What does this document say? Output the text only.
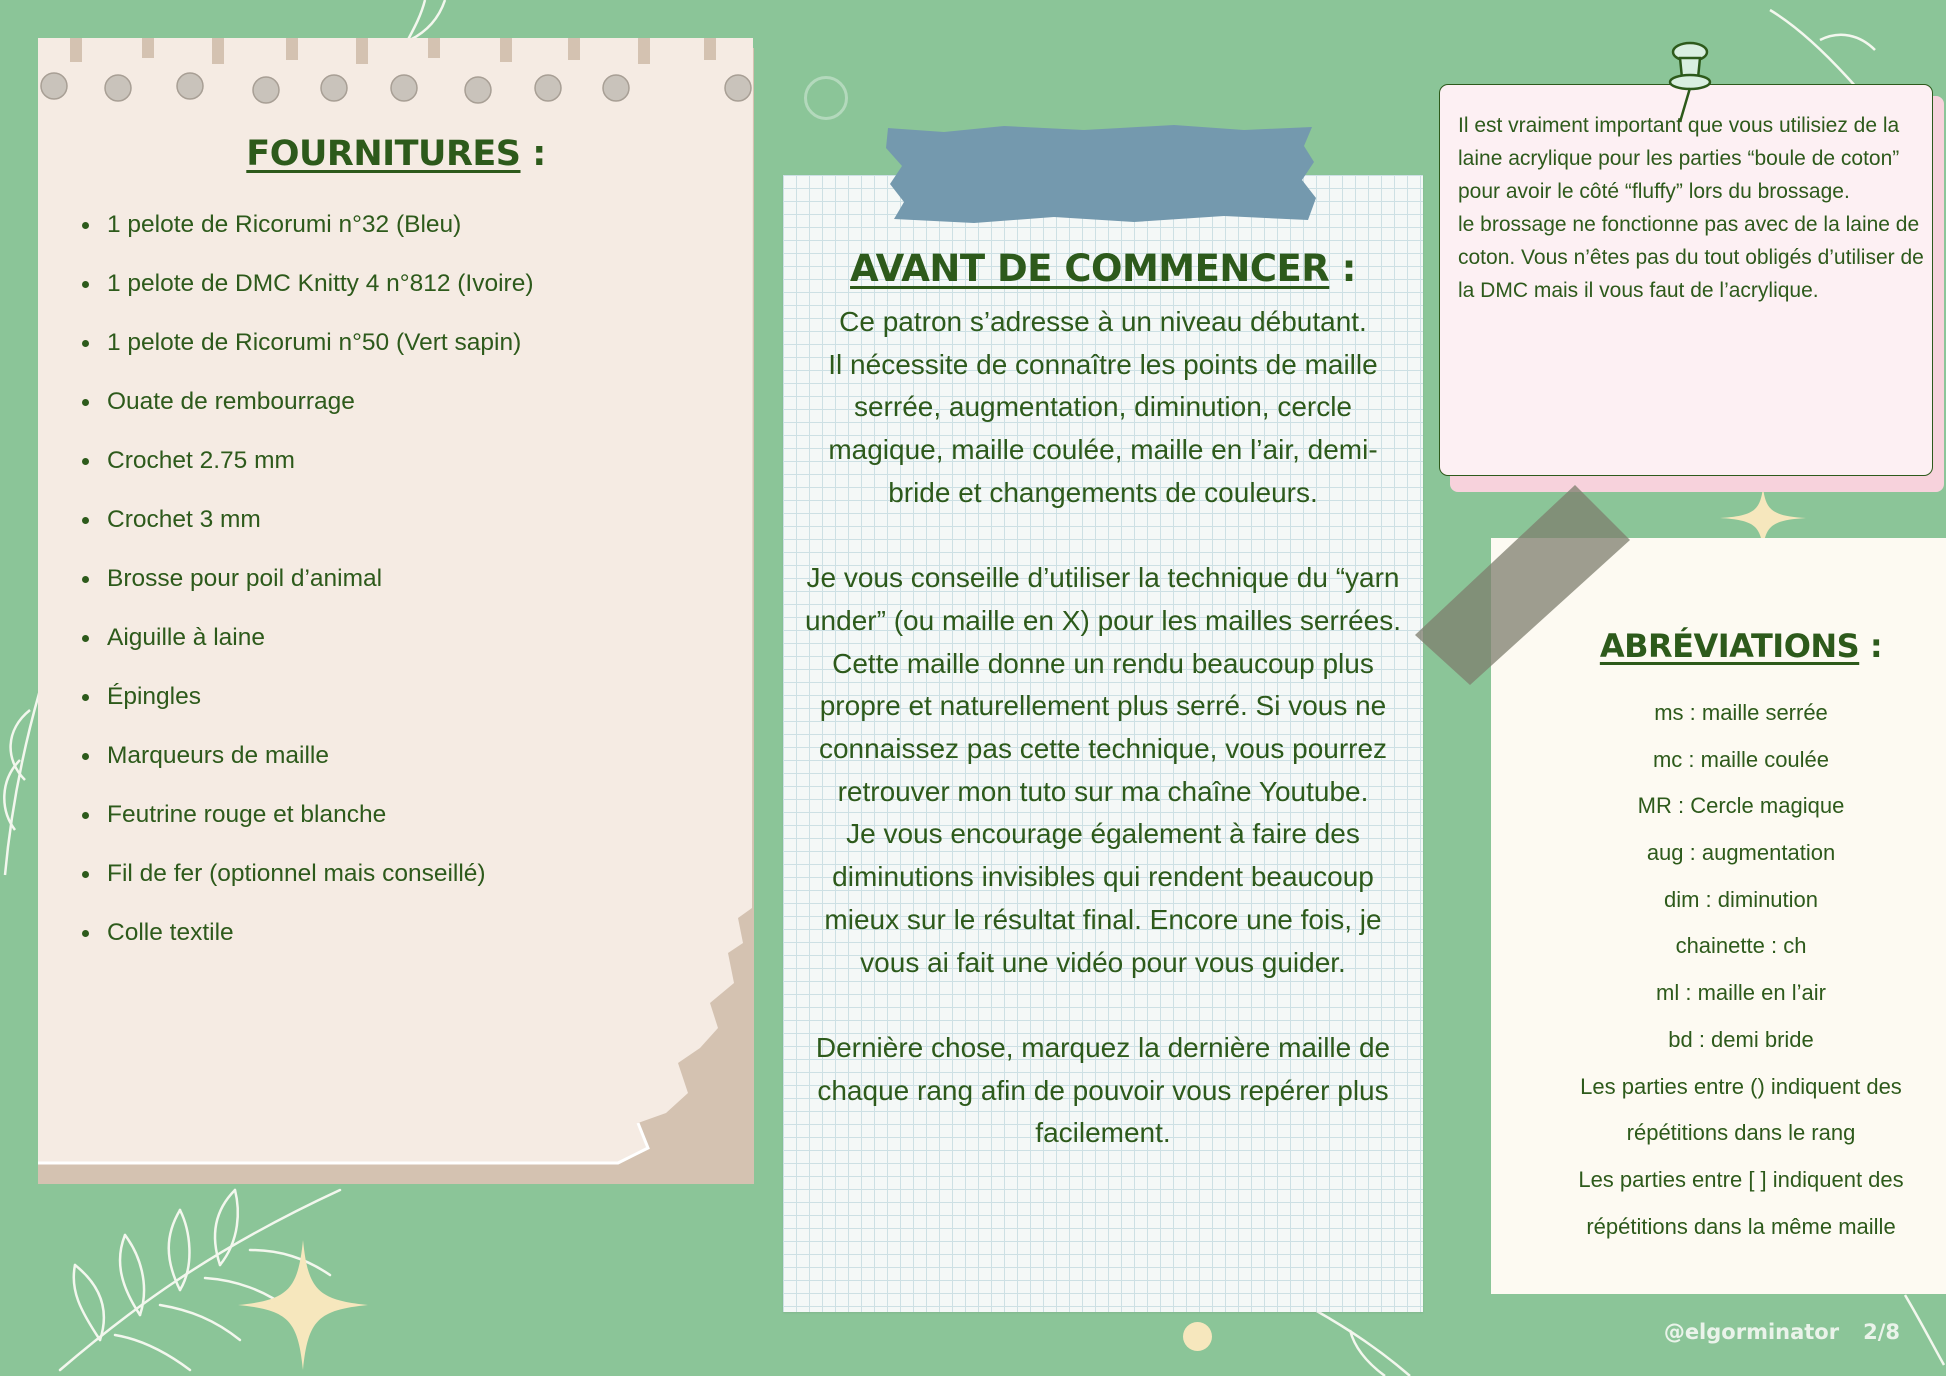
FOURNITURES :
1 pelote de Ricorumi n°32 (Bleu)
1 pelote de DMC Knitty 4 n°812 (Ivoire)
1 pelote de Ricorumi n°50 (Vert sapin)
Ouate de rembourrage
Crochet 2.75 mm
Crochet 3 mm
Brosse pour poil d’animal
Aiguille à laine
Épingles
Marqueurs de maille
Feutrine rouge et blanche
Fil de fer (optionnel mais conseillé)
Colle textile
AVANT DE COMMENCER :

Ce patron s’adresse à un niveau débutant.
Il nécessite de connaître les points de maille serrée, augmentation, diminution, cercle magique, maille coulée, maille en l’air, demi-bride et changements de couleurs.

Je vous conseille d’utiliser la technique du “yarn under” (ou maille en X) pour les mailles serrées. Cette maille donne un rendu beaucoup plus propre et naturellement plus serré. Si vous ne connaissez pas cette technique, vous pourrez retrouver mon tuto sur ma chaîne Youtube.
Je vous encourage également à faire des diminutions invisibles qui rendent beaucoup mieux sur le résultat final. Encore une fois, je vous ai fait une vidéo pour vous guider.

Dernière chose, marquez la dernière maille de chaque rang afin de pouvoir vous repérer plus facilement.

Il est vraiment important que vous utilisiez de la laine acrylique pour les parties “boule de coton” pour avoir le côté “fluffy” lors du brossage.
le brossage ne fonctionne pas avec de la laine de coton. Vous n’êtes pas du tout obligés d’utiliser de la DMC mais il vous faut de l’acrylique.

ABRÉVIATIONS :
ms : maille serrée
mc : maille coulée
MR : Cercle magique
aug : augmentation
dim : diminution
chainette : ch
ml : maille en l’air
bd : demi bride
Les parties entre () indiquent des
répétitions dans le rang
Les parties entre [ ] indiquent des
répétitions dans la même maille
@elgorminator 2/8
